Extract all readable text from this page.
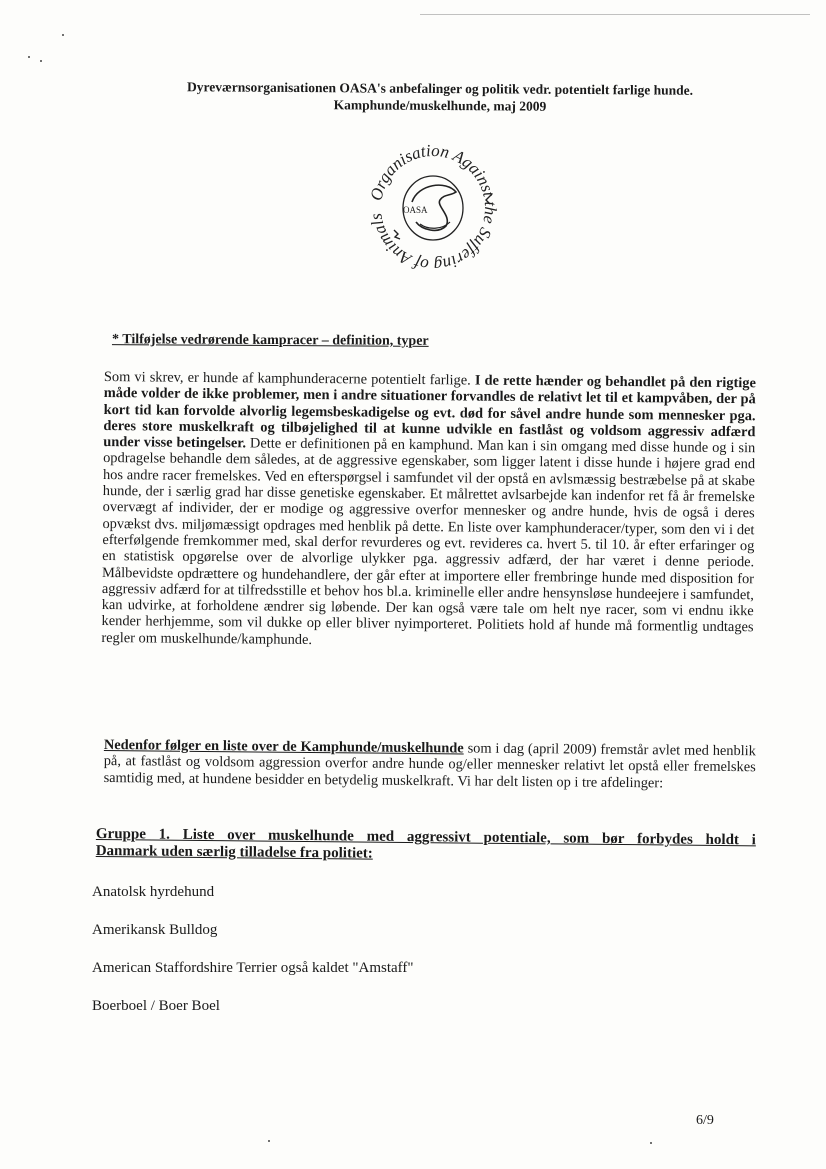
Dyreværnsorganisationen OASA's anbefalinger og politik vedr. potentielt farlige hunde.
Kamphunde/muskelhunde, maj 2009
Organisation Against the Suffering of Animals
OASA
* Tilføjelse vedrørende kampracer – definition, typer
Som vi skrev, er hunde af kamphunderacerne potentielt farlige. I de rette hænder og behandlet på den rigtige måde volder de ikke problemer, men i andre situationer forvandles de relativt let til et kampvåben, der på kort tid kan forvolde alvorlig legemsbeskadigelse og evt. død for såvel andre hunde som mennesker pga. deres store muskelkraft og tilbøjelighed til at kunne udvikle en fastlåst og voldsom aggressiv adfærd under visse betingelser. Dette er definitionen på en kamphund. Man kan i sin omgang med disse hunde og i sin opdragelse behandle dem således, at de aggressive egenskaber, som ligger latent i disse hunde i højere grad end hos andre racer fremelskes. Ved en efterspørgsel i samfundet vil der opstå en avlsmæssig bestræbelse på at skabe hunde, der i særlig grad har disse genetiske egenskaber. Et målrettet avlsarbejde kan indenfor ret få år fremelske overvægt af individer, der er modige og aggressive overfor mennesker og andre hunde, hvis de også i deres opvækst dvs. miljømæssigt opdrages med henblik på dette. En liste over kamphunderacer/typer, som den vi i det efterfølgende fremkommer med, skal derfor revurderes og evt. revideres ca. hvert 5. til 10. år efter erfaringer og en statistisk opgørelse over de alvorlige ulykker pga. aggressiv adfærd, der har været i denne periode. Målbevidste opdrættere og hundehandlere, der går efter at importere eller frembringe hunde med disposition for aggressiv adfærd for at tilfredsstille et behov hos bl.a. kriminelle eller andre hensynsløse hundeejere i samfundet, kan udvirke, at forholdene ændrer sig løbende. Der kan også være tale om helt nye racer, som vi endnu ikke kender herhjemme, som vil dukke op eller bliver nyimporteret. Politiets hold af hunde må formentlig undtages regler om muskelhunde/kamphunde.
Nedenfor følger en liste over de Kamphunde/muskelhunde som i dag (april 2009) fremstår avlet med henblik på, at fastlåst og voldsom aggression overfor andre hunde og/eller mennesker relativt let opstå eller fremelskes samtidig med, at hundene besidder en betydelig muskelkraft. Vi har delt listen op i tre afdelinger:
Gruppe 1. Liste over muskelhunde med aggressivt potentiale, som bør forbydes holdt i
Danmark uden særlig tilladelse fra politiet:
Anatolsk hyrdehund
Amerikansk Bulldog
American Staffordshire Terrier også kaldet "Amstaff"
Boerboel / Boer Boel
6/9
